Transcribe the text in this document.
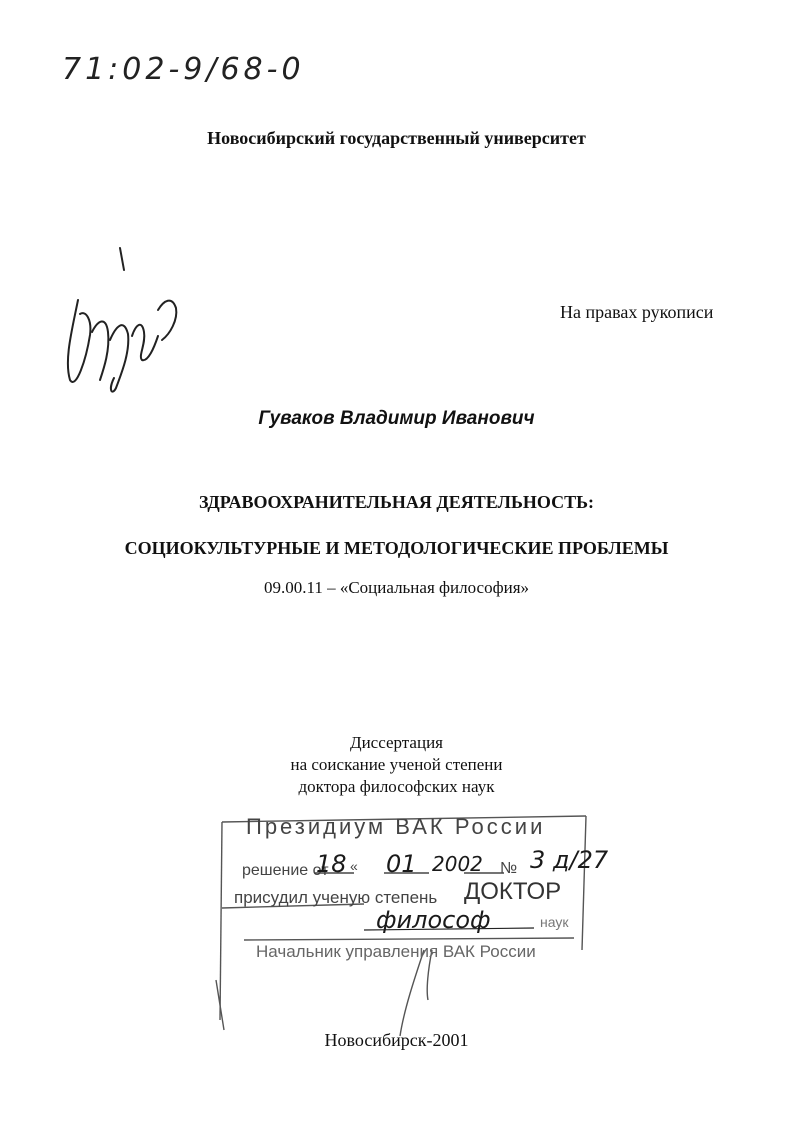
71:02-9/68-0
Новосибирский государственный университет
На правах рукописи
Гуваков Владимир Иванович
ЗДРАВООХРАНИТЕЛЬНАЯ ДЕЯТЕЛЬНОСТЬ:
СОЦИОКУЛЬТУРНЫЕ И МЕТОДОЛОГИЧЕСКИЕ ПРОБЛЕМЫ
09.00.11 – «Социальная философия»
Диссертация
на соискание ученой степени
доктора философских наук
Президиум ВАК России
решение от
18 « 01 2002 № 3 д/27
присудил ученую степень ДОКТОР
философ	наук
Начальник управления ВАК России
Новосибирск-2001
